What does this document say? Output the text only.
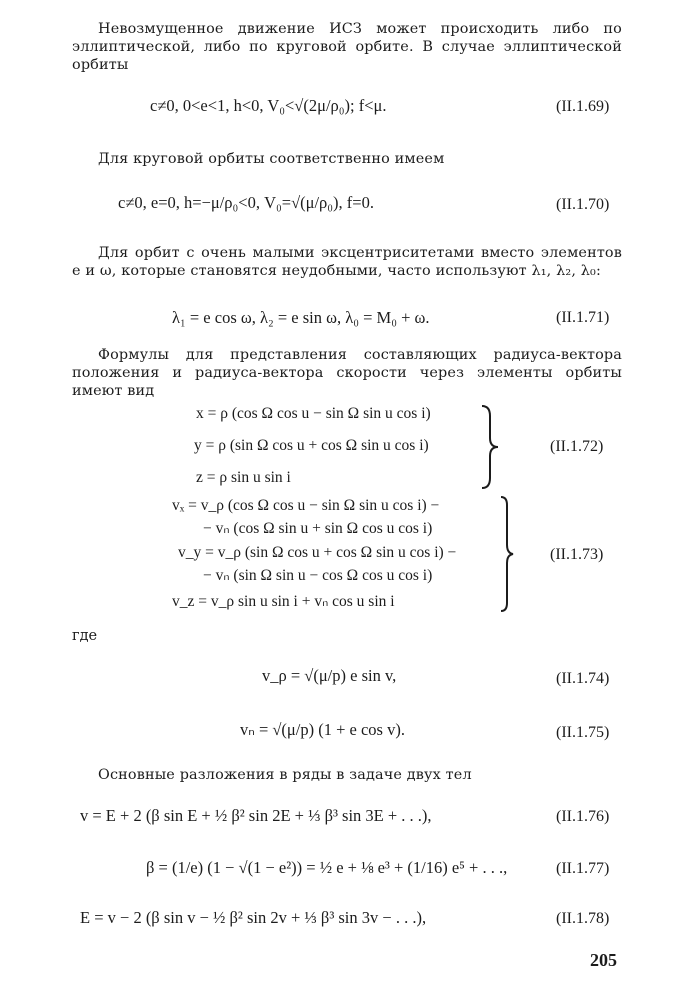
Невозмущенное движение ИСЗ может происходить либо по эллиптической, либо по круговой орбите. В случае эллиптической орбиты
c≠0, 0<e<1, h<0, V₀<√(2μ/ρ₀); f<μ.	(II.1.69)
Для круговой орбиты соответственно имеем
c≠0, e=0, h=−μ/ρ₀<0, V₀=√(μ/ρ₀), f=0.	(II.1.70)
Для орбит с очень малыми эксцентриситетами вместо элементов e и ω, которые становятся неудобными, часто используют λ₁, λ₂, λ₀:
λ₁ = e cos ω, λ₂ = e sin ω, λ₀ = M₀ + ω.	(II.1.71)
Формулы для представления составляющих радиуса-вектора положения и радиуса-вектора скорости через элементы орбиты имеют вид
x = ρ (cos Ω cos u − sin Ω sin u cos i)
y = ρ (sin Ω cos u + cos Ω sin u cos i)
z = ρ sin u sin i
(II.1.72)
vₓ = v_ρ (cos Ω cos u − sin Ω sin u cos i) −
− vₙ (cos Ω sin u + sin Ω cos u cos i)
v_y = v_ρ (sin Ω cos u + cos Ω sin u cos i) −
− vₙ (sin Ω sin u − cos Ω cos u cos i)
v_z = v_ρ sin u sin i + vₙ cos u sin i
(II.1.73)
где
v_ρ = √(μ/p) e sin v,	(II.1.74)
vₙ = √(μ/p) (1 + e cos v).	(II.1.75)
Основные разложения в ряды в задаче двух тел
v = E + 2 (β sin E + ½ β² sin 2E + ⅓ β³ sin 3E + . . .),	(II.1.76)
β = (1/e) (1 − √(1 − e²)) = ½ e + ⅛ e³ + (1/16) e⁵ + . . .,	(II.1.77)
E = v − 2 (β sin v − ½ β² sin 2v + ⅓ β³ sin 3v − . . .),	(II.1.78)
205
